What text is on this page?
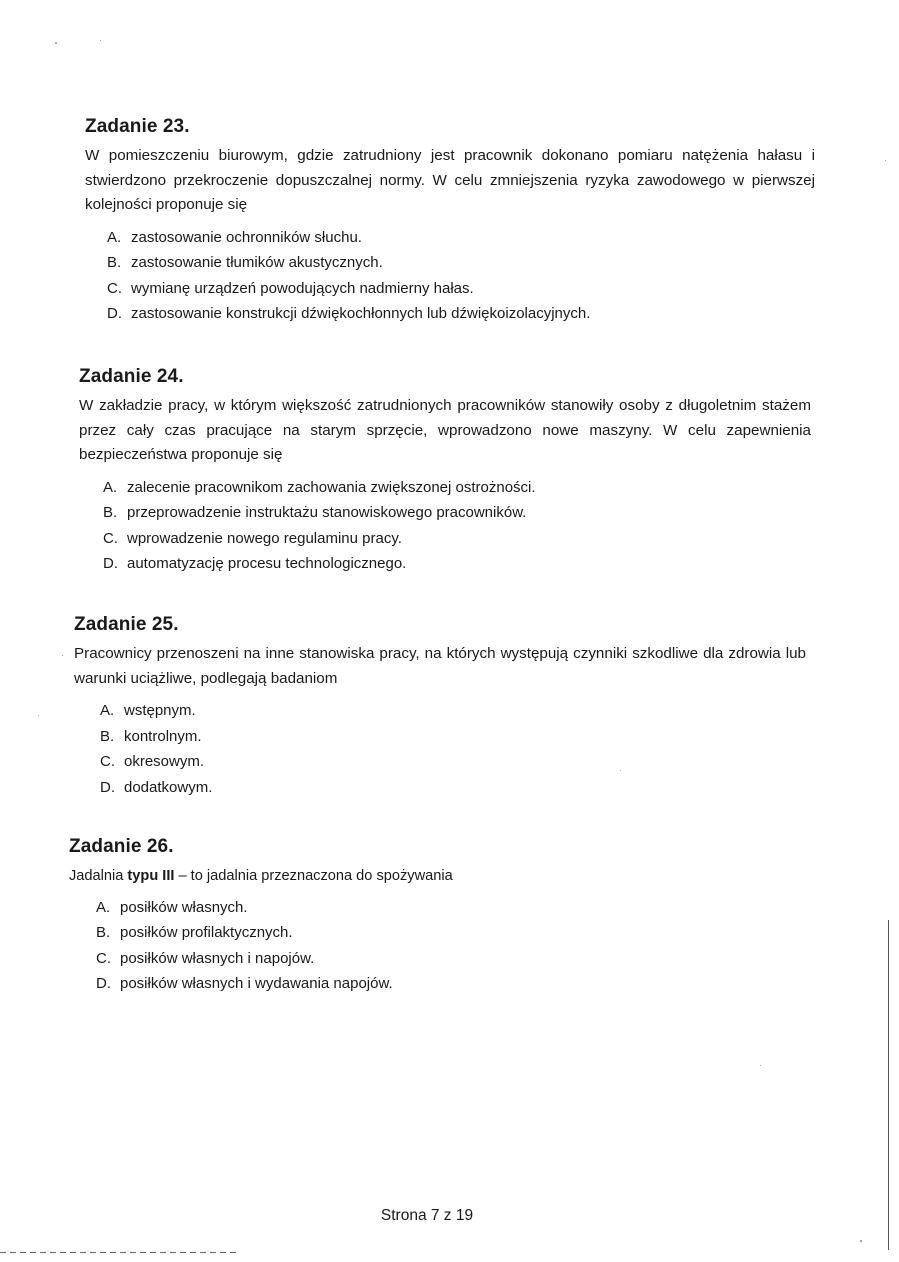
Zadanie 23.

W pomieszczeniu biurowym, gdzie zatrudniony jest pracownik dokonano pomiaru natężenia hałasu i stwierdzono przekroczenie dopuszczalnej normy. W celu zmniejszenia ryzyka zawodowego w pierwszej kolejności proponuje się

A. zastosowanie ochronników słuchu.
B. zastosowanie tłumików akustycznych.
C. wymianę urządzeń powodujących nadmierny hałas.
D. zastosowanie konstrukcji dźwiękochłonnych lub dźwiękoizolacyjnych.
Zadanie 24.

W zakładzie pracy, w którym większość zatrudnionych pracowników stanowiły osoby z długoletnim stażem przez cały czas pracujące na starym sprzęcie, wprowadzono nowe maszyny. W celu zapewnienia bezpieczeństwa proponuje się

A. zalecenie pracownikom zachowania zwiększonej ostrożności.
B. przeprowadzenie instruktażu stanowiskowego pracowników.
C. wprowadzenie nowego regulaminu pracy.
D. automatyzację procesu technologicznego.
Zadanie 25.

Pracownicy przenoszeni na inne stanowiska pracy, na których występują czynniki szkodliwe dla zdrowia lub warunki uciążliwe, podlegają badaniom

A. wstępnym.
B. kontrolnym.
C. okresowym.
D. dodatkowym.
Zadanie 26.

Jadalnia typu III – to jadalnia przeznaczona do spożywania

A. posiłków własnych.
B. posiłków profilaktycznych.
C. posiłków własnych i napojów.
D. posiłków własnych i wydawania napojów.
Strona 7 z 19
